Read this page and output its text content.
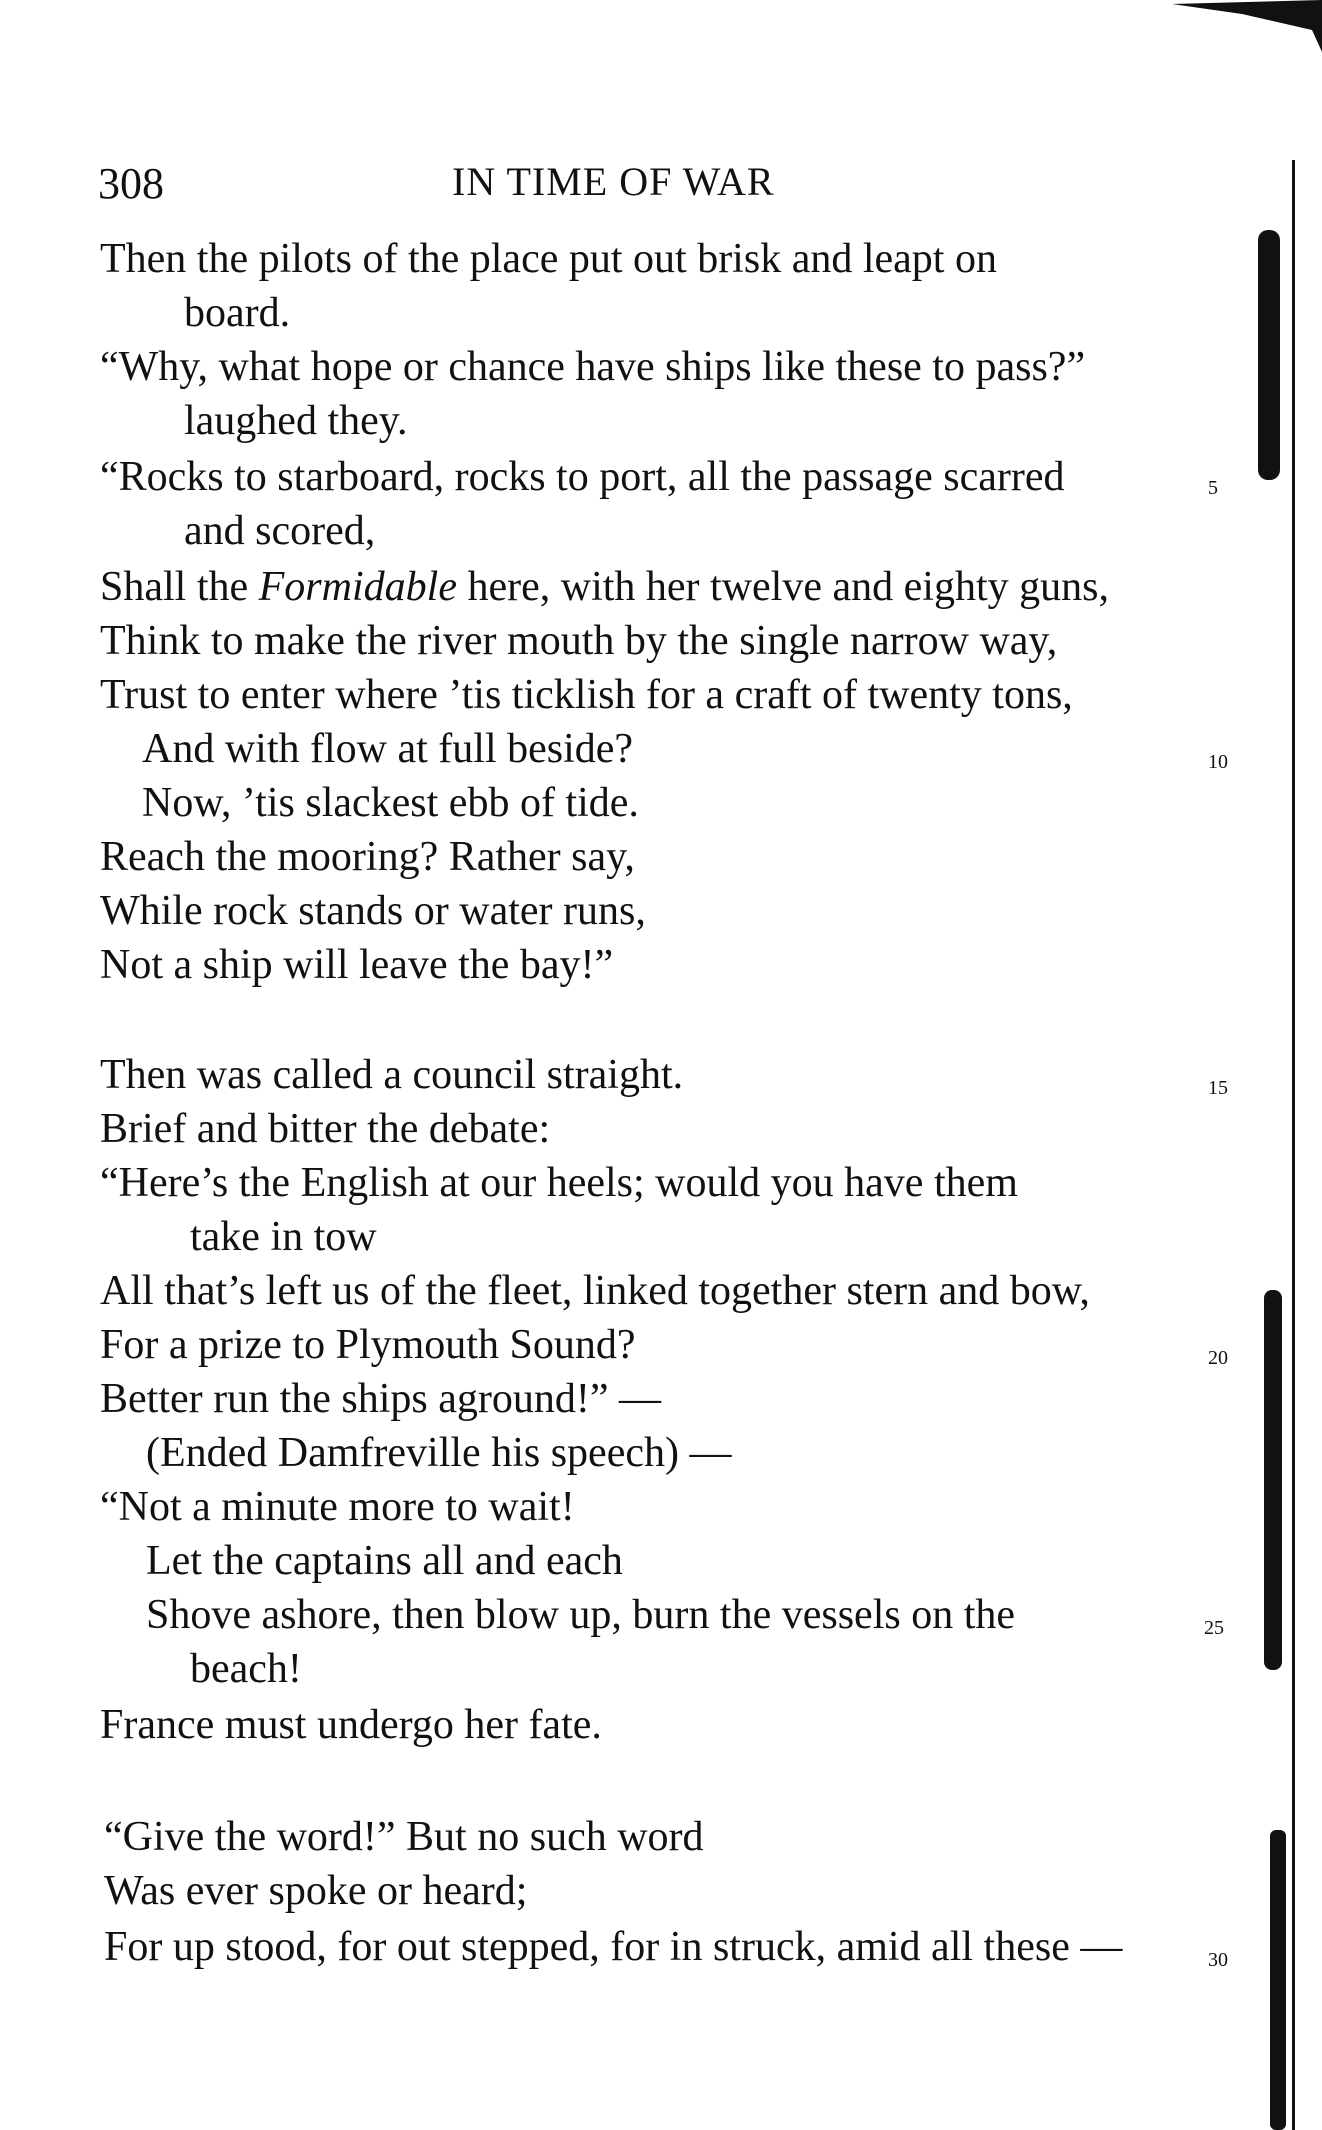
308	IN TIME OF WAR
Then the pilots of the place put out brisk and leapt on
board.
“Why, what hope or chance have ships like these to pass?”
laughed they.
“Rocks to starboard, rocks to port, all the passage scarred
and scored,
Shall the Formidable here, with her twelve and eighty guns,
Think to make the river mouth by the single narrow way,
Trust to enter where ’tis ticklish for a craft of twenty tons,
And with flow at full beside?
Now, ’tis slackest ebb of tide.
Reach the mooring? Rather say,
While rock stands or water runs,
Not a ship will leave the bay!”
Then was called a council straight.
Brief and bitter the debate:
“Here’s the English at our heels; would you have them
take in tow
All that’s left us of the fleet, linked together stern and bow,
For a prize to Plymouth Sound?
Better run the ships aground!” —
(Ended Damfreville his speech) —
“Not a minute more to wait!
Let the captains all and each
Shove ashore, then blow up, burn the vessels on the
beach!
France must undergo her fate.
“Give the word!” But no such word
Was ever spoke or heard;
For up stood, for out stepped, for in struck, amid all these —
5
10
15
20
25
30
